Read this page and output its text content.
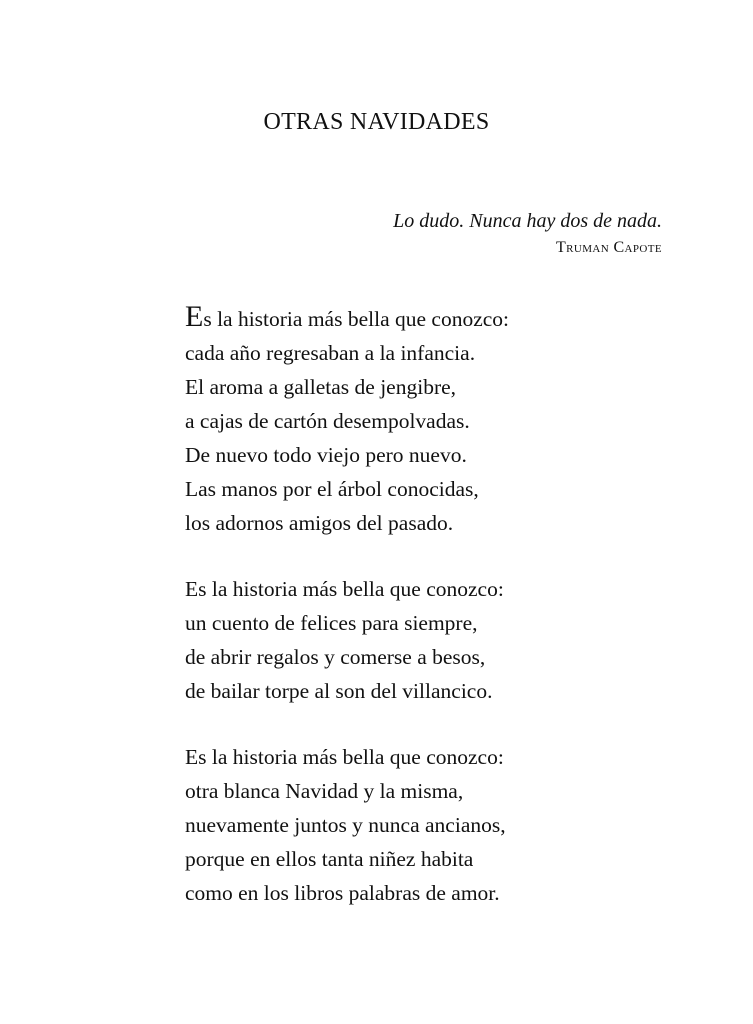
OTRAS NAVIDADES
Lo dudo. Nunca hay dos de nada.
Truman Capote
Es la historia más bella que conozco:
cada año regresaban a la infancia.
El aroma a galletas de jengibre,
a cajas de cartón desempolvadas.
De nuevo todo viejo pero nuevo.
Las manos por el árbol conocidas,
los adornos amigos del pasado.
Es la historia más bella que conozco:
un cuento de felices para siempre,
de abrir regalos y comerse a besos,
de bailar torpe al son del villancico.
Es la historia más bella que conozco:
otra blanca Navidad y la misma,
nuevamente juntos y nunca ancianos,
porque en ellos tanta niñez habita
como en los libros palabras de amor.
